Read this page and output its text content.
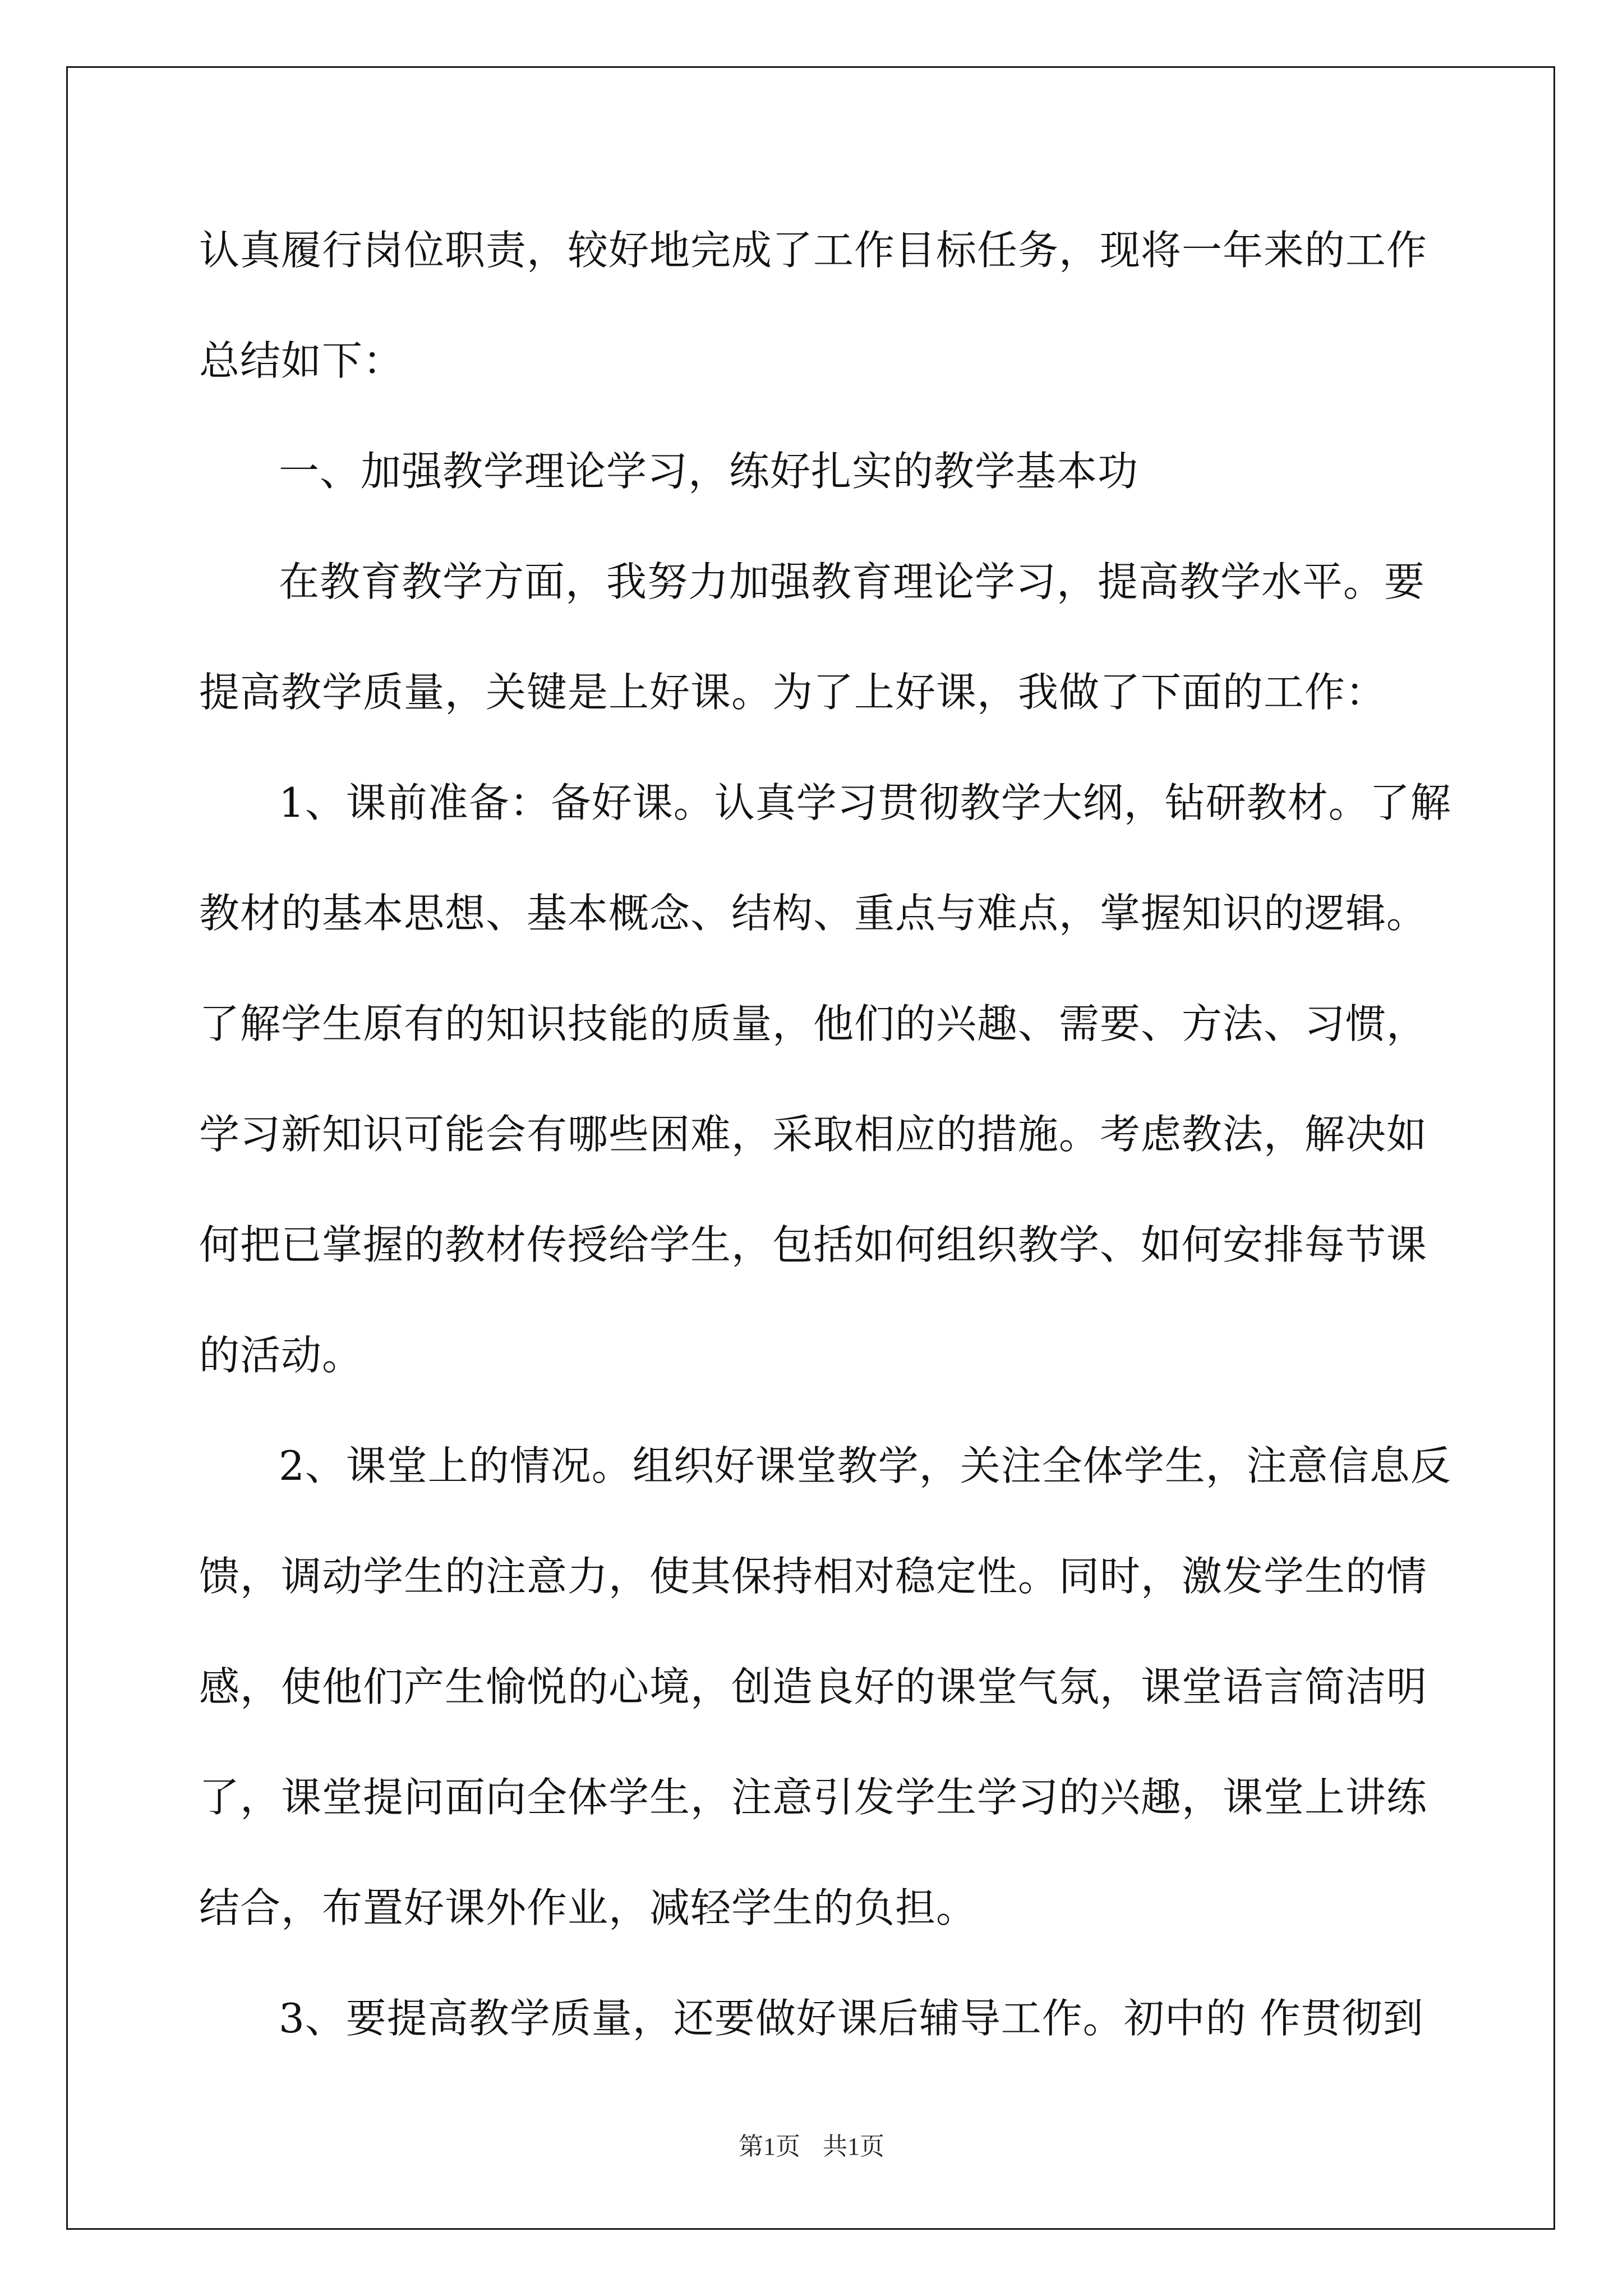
认真履行岗位职责，较好地完成了工作目标任务，现将一年来的工作
总结如下：
一、加强教学理论学习，练好扎实的教学基本功
在教育教学方面，我努力加强教育理论学习，提高教学水平。要
提高教学质量，关键是上好课。为了上好课，我做了下面的工作：
1、课前准备：备好课。认真学习贯彻教学大纲，钻研教材。了解
教材的基本思想、基本概念、结构、重点与难点，掌握知识的逻辑。
了解学生原有的知识技能的质量，他们的兴趣、需要、方法、习惯，
学习新知识可能会有哪些困难，采取相应的措施。考虑教法，解决如
何把已掌握的教材传授给学生，包括如何组织教学、如何安排每节课
的活动。
2、课堂上的情况。组织好课堂教学，关注全体学生，注意信息反
馈，调动学生的注意力，使其保持相对稳定性。同时，激发学生的情
感，使他们产生愉悦的心境，创造良好的课堂气氛，课堂语言简洁明
了，课堂提问面向全体学生，注意引发学生学习的兴趣，课堂上讲练
结合，布置好课外作业，减轻学生的负担。
3、要提高教学质量，还要做好课后辅导工作。初中的 作贯彻到
第1页 共1页
